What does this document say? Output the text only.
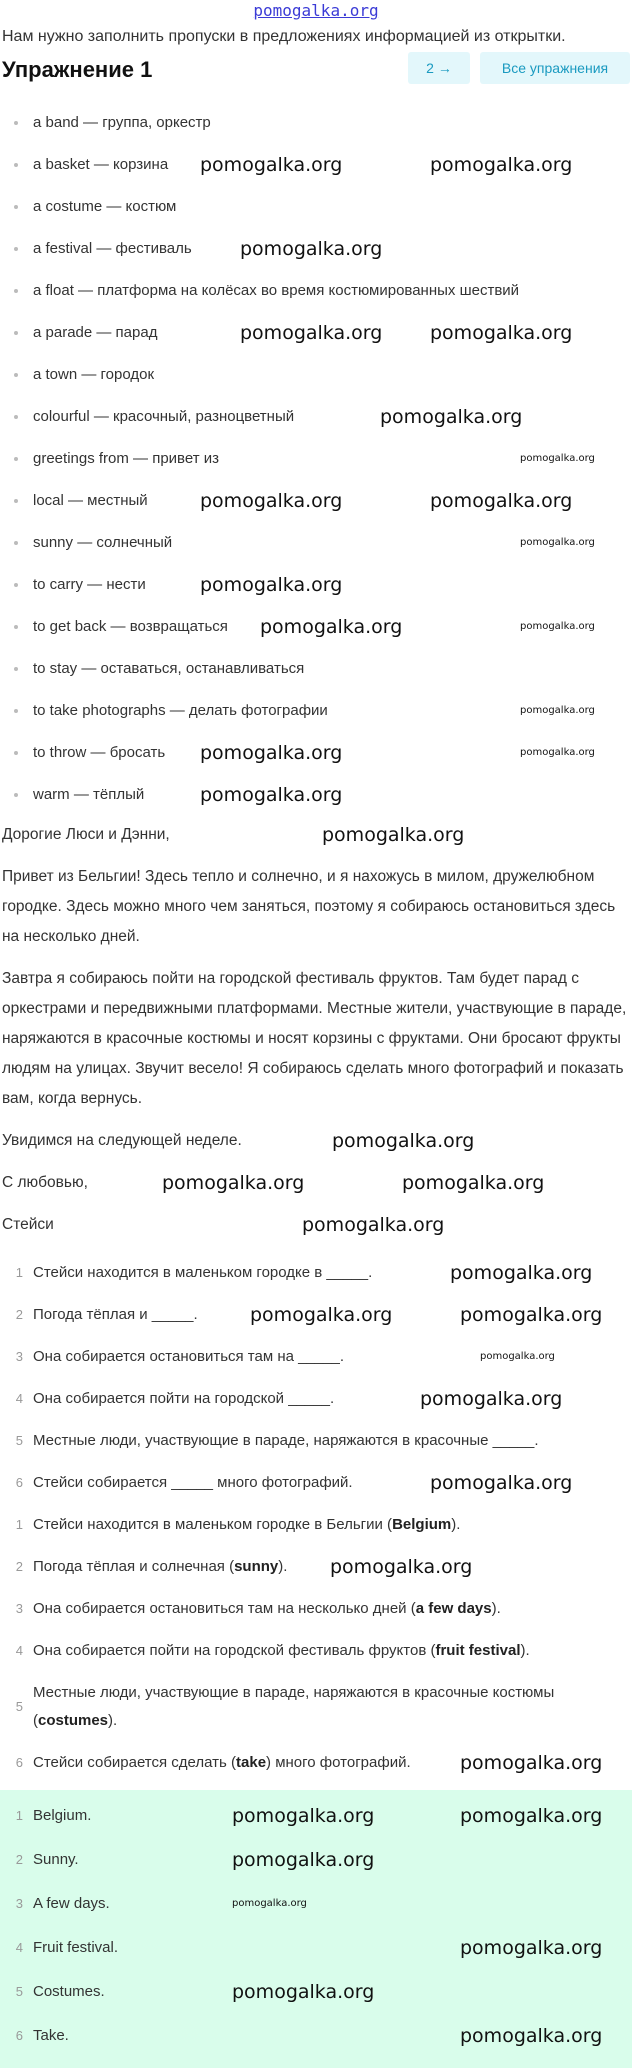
pomogalka.org
Нам нужно заполнить пропуски в предложениях информацией из открытки.
Упражнение 1	2 →	Все упражнения
a band — группа, оркестр
a basket — корзина pomogalka.org	pomogalka.org
a costume — костюм
a festival — фестиваль	pomogalka.org
a float — платформа на колёсах во время костюмированных шествий
a parade — парад	pomogalka.org	pomogalka.org
a town — городок
colourful — красочный, разноцветный	pomogalka.org
greetings from — привет из	pomogalka.org
local — местный	pomogalka.org	pomogalka.org
sunny — солнечный	pomogalka.org
to carry — нести	pomogalka.org
to get back — возвращаться pomogalka.org	pomogalka.org
to stay — оставаться, останавливаться
to take photographs — делать фотографии	pomogalka.org
to throw — бросать pomogalka.org	pomogalka.org
warm — тёплый	pomogalka.org

Дорогие Люси и Дэнни,	pomogalka.org

Привет из Бельгии! Здесь тепло и солнечно, и я нахожусь в милом, дружелюбном городке. Здесь можно много чем заняться, поэтому я собираюсь остановиться здесь на несколько дней.

Завтра я собираюсь пойти на городской фестиваль фруктов. Там будет парад с оркестрами и передвижными платформами. Местные жители, участвующие в параде, наряжаются в красочные костюмы и носят корзины с фруктами. Они бросают фрукты людям на улицах. Звучит весело! Я собираюсь сделать много фотографий и показать вам, когда вернусь.

Увидимся на следующей неделе.	pomogalka.org

С любовью,	pomogalka.org	pomogalka.org

Стейси	pomogalka.org

1 Стейси находится в маленьком городке в _____.	pomogalka.org
2 Погода тёплая и _____.	pomogalka.org	pomogalka.org
3 Она собирается остановиться там на _____.	pomogalka.org
4 Она собирается пойти на городской _____.	pomogalka.org
5 Местные люди, участвующие в параде, наряжаются в красочные _____.
6 Стейси собирается _____ много фотографий.	pomogalka.org
1 Стейси находится в маленьком городке в Бельгии (Belgium).
2 Погода тёплая и солнечная (sunny). pomogalka.org
3 Она собирается остановиться там на несколько дней (a few days).
4 Она собирается пойти на городской фестиваль фруктов (fruit festival).
5
Местные люди, участвующие в параде, наряжаются в красочные костюмы (costumes).
6 Стейси собирается сделать (take) много фотографий.	pomogalka.org
1 Belgium.	pomogalka.org	pomogalka.org
2 Sunny.	pomogalka.org
3 A few days.	pomogalka.org
4 Fruit festival.	pomogalka.org
5 Costumes.	pomogalka.org
6 Take.	pomogalka.org
